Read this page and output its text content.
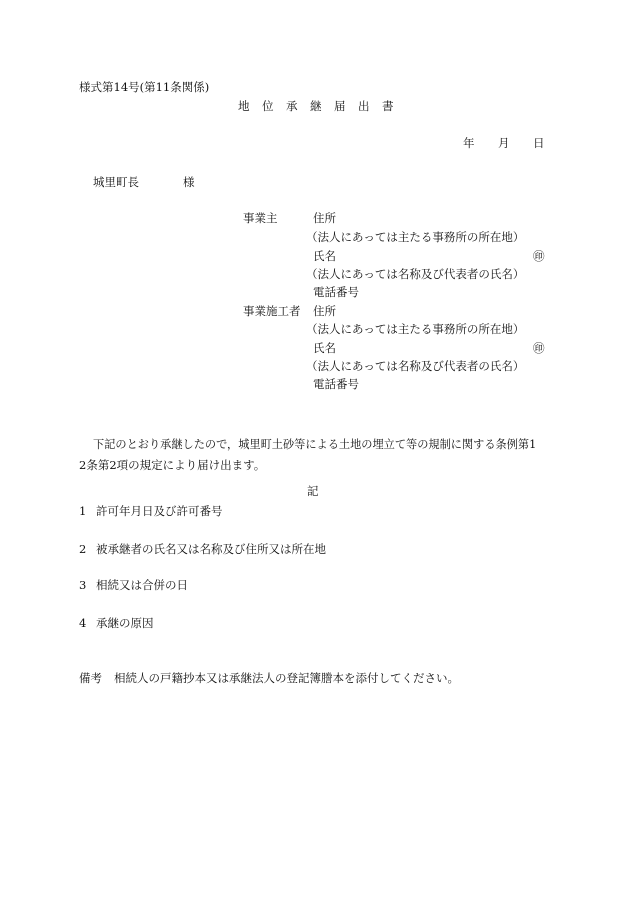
様式第14号(第11条関係)
地　位　承　継　届　出　書
年 月 日
城里町長	様
事業主	住所
（法人にあっては主たる事務所の所在地）
氏名	㊞
（法人にあっては名称及び代表者の氏名）
電話番号
事業施工者 住所
（法人にあっては主たる事務所の所在地）
氏名	㊞
（法人にあっては名称及び代表者の氏名）
電話番号
下記のとおり承継したので，城里町土砂等による土地の埋立て等の規制に関する条例第1
2条第2項の規定により届け出ます。
記
1 許可年月日及び許可番号
2 被承継者の氏名又は名称及び住所又は所在地
3 相続又は合併の日
4 承継の原因
備考 相続人の戸籍抄本又は承継法人の登記簿謄本を添付してください。
